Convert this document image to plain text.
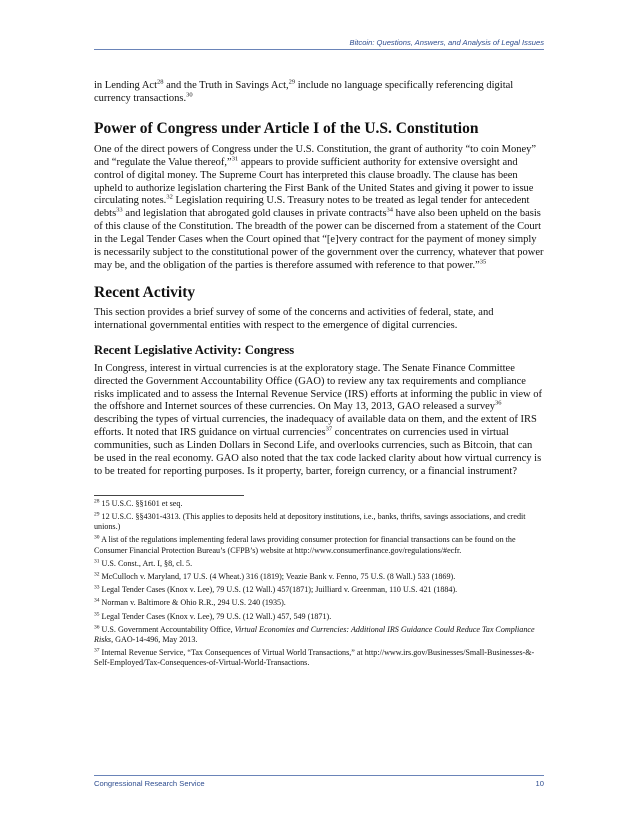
Bitcoin: Questions, Answers, and Analysis of Legal Issues

in Lending Act$^{28}$ and the Truth in Savings Act,$^{29}$ include no language specifically referencing digital currency transactions.$^{30}$

Power of Congress under Article I of the U.S. Constitution

One of the direct powers of Congress under the U.S. Constitution, the grant of authority “to coin Money” and “regulate the Value thereof,”$^{31}$ appears to provide sufficient authority for extensive oversight and control of digital money. The Supreme Court has interpreted this clause broadly. The clause has been upheld to authorize legislation chartering the First Bank of the United States and giving it power to issue circulating notes.$^{32}$ Legislation requiring U.S. Treasury notes to be treated as legal tender for antecedent debts$^{33}$ and legislation that abrogated gold clauses in private contracts$^{34}$ have also been upheld on the basis of this clause of the Constitution. The breadth of the power can be discerned from a statement of the Court in the Legal Tender Cases when the Court opined that “[e]very contract for the payment of money simply is necessarily subject to the constitutional power of the government over the currency, whatever that power may be, and the obligation of the parties is therefore assumed with reference to that power.”$^{35}$

Recent Activity

This section provides a brief survey of some of the concerns and activities of federal, state, and international governmental entities with respect to the emergence of digital currencies.

Recent Legislative Activity: Congress

In Congress, interest in virtual currencies is at the exploratory stage. The Senate Finance Committee directed the Government Accountability Office (GAO) to review any tax requirements and compliance risks implicated and to assess the Internal Revenue Service (IRS) efforts at informing the public in view of the offshore and Internet sources of these currencies. On May 13, 2013, GAO released a survey$^{36}$ describing the types of virtual currencies, the inadequacy of available data on them, and the extent of IRS efforts. It noted that IRS guidance on virtual currencies$^{37}$ concentrates on currencies used in virtual communities, such as Linden Dollars in Second Life, and overlooks currencies, such as Bitcoin, that can be used in the real economy. GAO also noted that the tax code lacked clarity about how virtual currency is to be treated for reporting purposes. Is it property, barter, foreign currency, or a financial instrument?

$^{28}$ 15 U.S.C. §§1601 et seq.

$^{29}$ 12 U.S.C. §§4301-4313. (This applies to deposits held at depository institutions, i.e., banks, thrifts, savings associations, and credit unions.)

$^{30}$ A list of the regulations implementing federal laws providing consumer protection for financial transactions can be found on the Consumer Financial Protection Bureau’s (CFPB’s) website at http://www.consumerfinance.gov/regulations/#ecfr.

$^{31}$ U.S. Const., Art. I, §8, cl. 5.

$^{32}$ McCulloch v. Maryland, 17 U.S. (4 Wheat.) 316 (1819); Veazie Bank v. Fenno, 75 U.S. (8 Wall.) 533 (1869).

$^{33}$ Legal Tender Cases (Knox v. Lee), 79 U.S. (12 Wall.) 457(1871); Juilliard v. Greenman, 110 U.S. 421 (1884).

$^{34}$ Norman v. Baltimore & Ohio R.R., 294 U.S. 240 (1935).

$^{35}$ Legal Tender Cases (Knox v. Lee), 79 U.S. (12 Wall.) 457, 549 (1871).

$^{36}$ U.S. Government Accountability Office, Virtual Economies and Currencies: Additional IRS Guidance Could Reduce Tax Compliance Risks, GAO-14-496, May 2013.

$^{37}$ Internal Revenue Service, “Tax Consequences of Virtual World Transactions,” at http://www.irs.gov/Businesses/Small-Businesses-&-Self-Employed/Tax-Consequences-of-Virtual-World-Transactions.

Congressional Research Service	10
